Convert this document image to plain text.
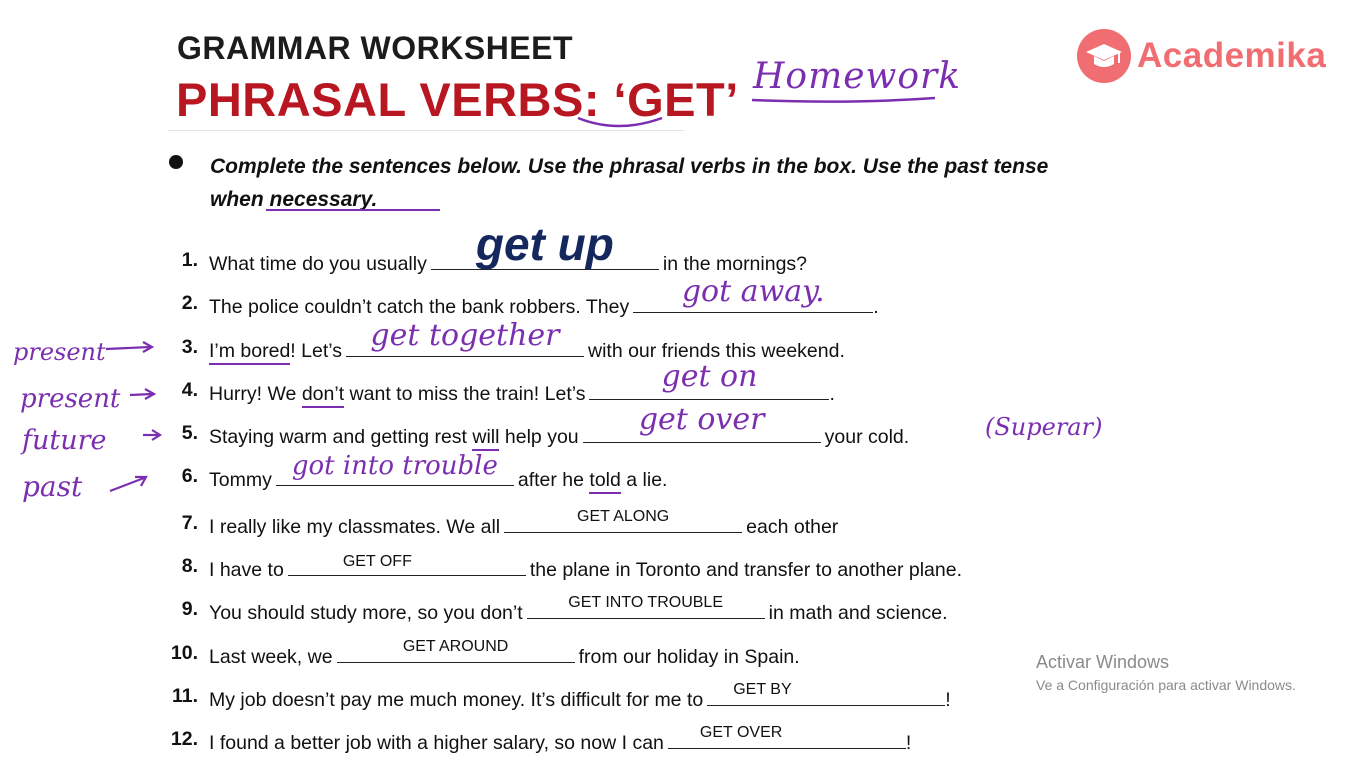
GRAMMAR WORKSHEET
PHRASAL VERBS: ‘GET’ Homework
Academika
Complete the sentences below. Use the phrasal verbs in the box. Use the past tense when necessary.
1. What time do you usually	get up	in the mornings?
2. The police couldn’t catch the bank robbers. They	got away.	.
3. I’m bored ! Let’s get together	with our friends this weekend.
4. Hurry! We
don’t
want to miss the train! Let’s	get on	.
5. Staying warm and getting rest
will
help you	get over	your cold.
6. Tommy got into trouble	after he
told
a lie.
7. I really like my classmates. We all	GET ALONG	each other
8. I have to	GET OFF	the plane in Toronto and transfer to another plane.
9. You should study more, so you don’t	GET INTO TROUBLE	in math and science.
10. Last week, we	GET AROUND	from our holiday in Spain.
11. My job doesn’t pay me much money. It’s difficult for me to	GET BY	!
12. I found a better job with a higher salary, so now I can	GET OVER	!
present
present
future
past
(Superar)
Activar Windows
Ve a Configuración para activar Windows.
